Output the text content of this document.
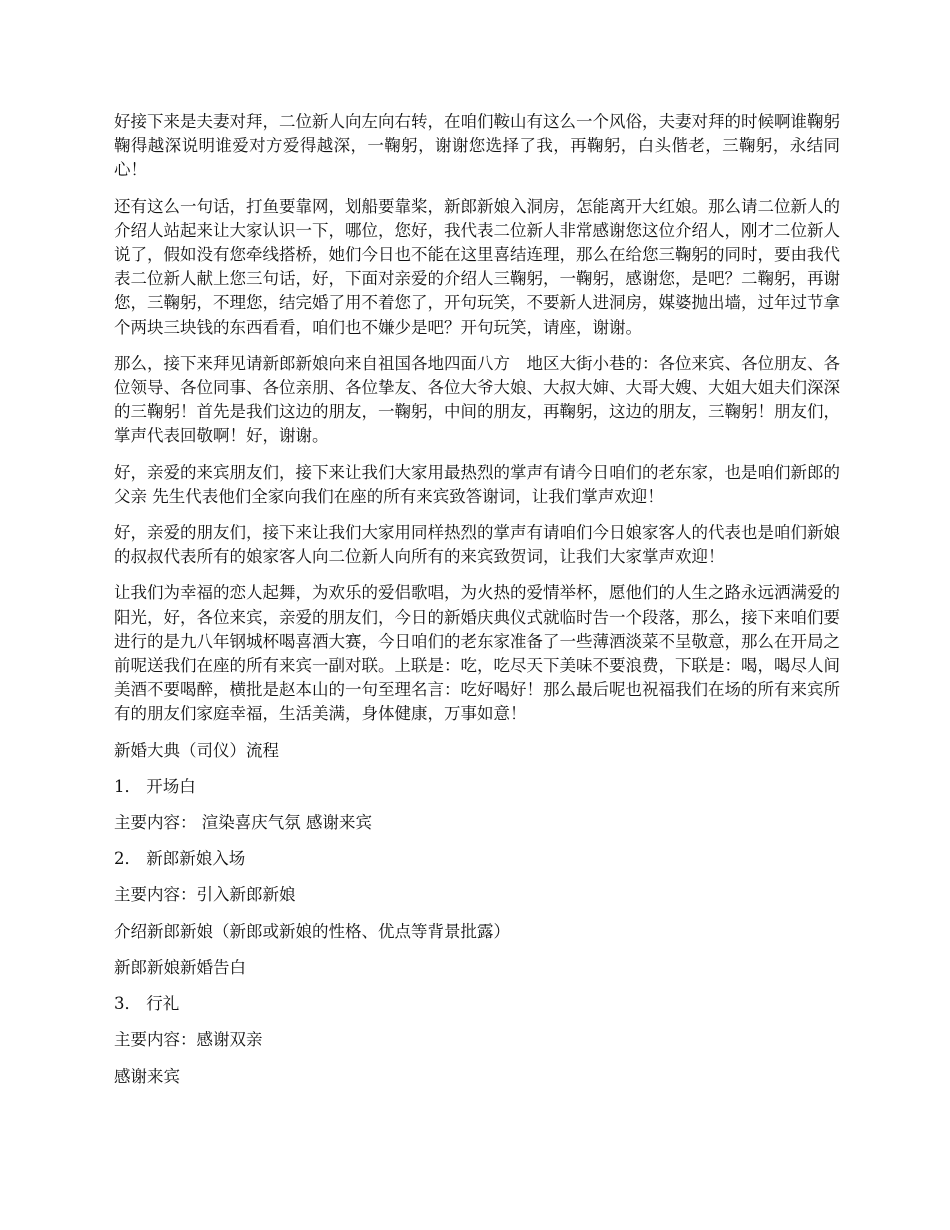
好接下来是夫妻对拜，二位新人向左向右转，在咱们鞍山有这么一个风俗，夫妻对拜的时候啊谁鞠躬鞠得越深说明谁爱对方爱得越深，一鞠躬，谢谢您选择了我，再鞠躬，白头偕老，三鞠躬，永结同心！

还有这么一句话，打鱼要靠网，划船要靠桨，新郎新娘入洞房，怎能离开大红娘。那么请二位新人的介绍人站起来让大家认识一下，哪位，您好，我代表二位新人非常感谢您这位介绍人，刚才二位新人说了，假如没有您牵线搭桥，她们今日也不能在这里喜结连理，那么在给您三鞠躬的同时，要由我代表二位新人献上您三句话，好，下面对亲爱的介绍人三鞠躬，一鞠躬，感谢您，是吧？二鞠躬，再谢您，三鞠躬，不理您，结完婚了用不着您了，开句玩笑，不要新人进洞房，媒婆抛出墙，过年过节拿个两块三块钱的东西看看，咱们也不嫌少是吧？开句玩笑，请座，谢谢。

那么，接下来拜见请新郎新娘向来自祖国各地四面八方　地区大街小巷的：各位来宾、各位朋友、各位领导、各位同事、各位亲朋、各位挚友、各位大爷大娘、大叔大婶、大哥大嫂、大姐大姐夫们深深的三鞠躬！首先是我们这边的朋友，一鞠躬，中间的朋友，再鞠躬，这边的朋友，三鞠躬！朋友们，掌声代表回敬啊！好，谢谢。

好，亲爱的来宾朋友们，接下来让我们大家用最热烈的掌声有请今日咱们的老东家，也是咱们新郎的父亲 先生代表他们全家向我们在座的所有来宾致答谢词，让我们掌声欢迎！

好，亲爱的朋友们，接下来让我们大家用同样热烈的掌声有请咱们今日娘家客人的代表也是咱们新娘的叔叔代表所有的娘家客人向二位新人向所有的来宾致贺词，让我们大家掌声欢迎！

让我们为幸福的恋人起舞，为欢乐的爱侣歌唱，为火热的爱情举杯，愿他们的人生之路永远洒满爱的阳光，好，各位来宾，亲爱的朋友们，今日的新婚庆典仪式就临时告一个段落，那么，接下来咱们要进行的是九八年钢城杯喝喜酒大赛，今日咱们的老东家准备了一些薄酒淡菜不呈敬意，那么在开局之前呢送我们在座的所有来宾一副对联。上联是：吃，吃尽天下美味不要浪费，下联是：喝，喝尽人间美酒不要喝醉，横批是赵本山的一句至理名言：吃好喝好！那么最后呢也祝福我们在场的所有来宾所有的朋友们家庭幸福，生活美满，身体健康，万事如意！

新婚大典（司仪）流程
1． 开场白
主要内容： 渲染喜庆气氛 感谢来宾
2． 新郎新娘入场
主要内容：引入新郎新娘
介绍新郎新娘（新郎或新娘的性格、优点等背景批露）
新郎新娘新婚告白
3． 行礼
主要内容：感谢双亲
感谢来宾
